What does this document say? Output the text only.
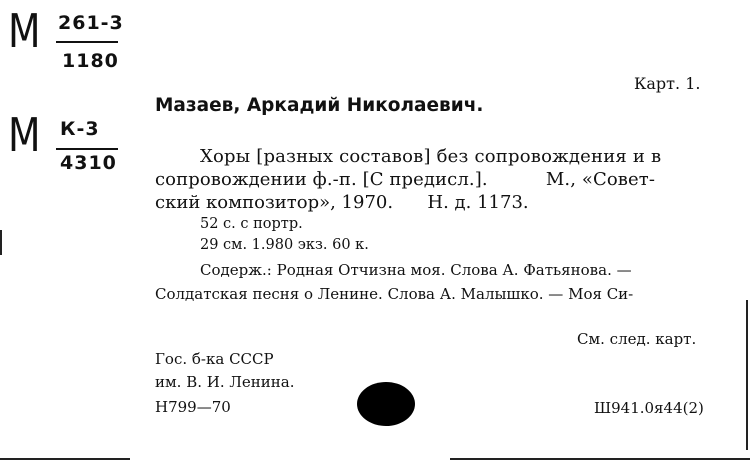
М 261-3
1180
М К-3
4310
Карт. 1.
Мазаев, Аркадий Николаевич.
Хоры [разных составов] без сопровождения и в
сопровождении ф.-п. [С предисл.].          М., «Совет-
ский композитор», 1970.      Н. д. 1173.
52 с. с портр.
29 см. 1.980 экз. 60 к.
Содерж.: Родная Отчизна моя. Слова А. Фатьянова. —
Солдатская песня о Ленине. Слова А. Малышко. — Моя Си-
См. след. карт.
Гос. б-ка СССР
им. В. И. Ленина.
Н799—70	Ш941.0я44(2)
